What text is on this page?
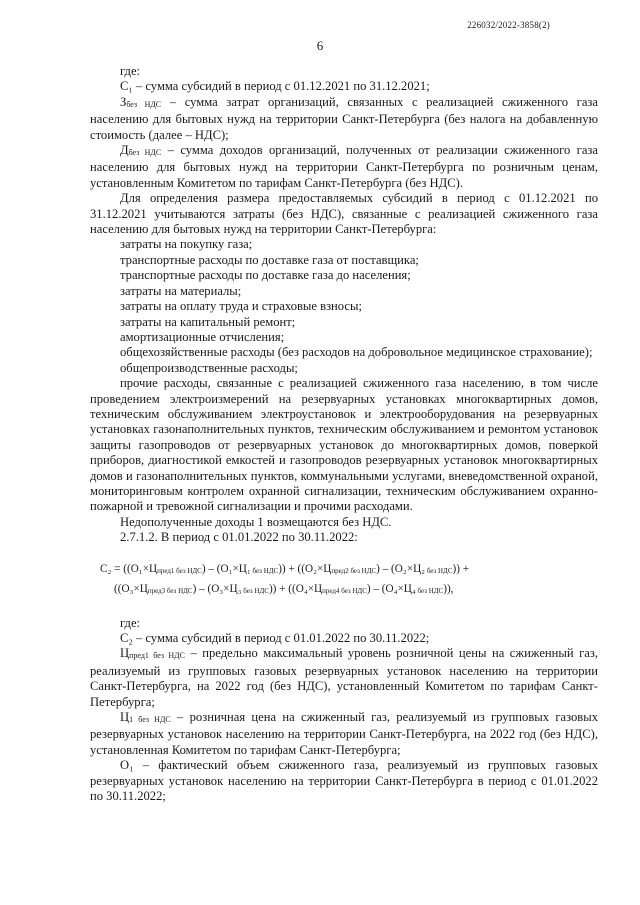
226032/2022-3858(2)
6

где:

С₁ – сумма субсидий в период с 01.12.2021 по 31.12.2021;

Збез НДС – сумма затрат организаций, связанных с реализацией сжиженного газа населению для бытовых нужд на территории Санкт-Петербурга (без налога на добавленную стоимость (далее – НДС);

Дбез НДС – сумма доходов организаций, полученных от реализации сжиженного газа населению для бытовых нужд на территории Санкт-Петербурга по розничным ценам, установленным Комитетом по тарифам Санкт-Петербурга (без НДС).

Для определения размера предоставляемых субсидий в период с 01.12.2021 по 31.12.2021 учитываются затраты (без НДС), связанные с реализацией сжиженного газа населению для бытовых нужд на территории Санкт-Петербурга:

затраты на покупку газа;

транспортные расходы по доставке газа от поставщика;

транспортные расходы по доставке газа до населения;

затраты на материалы;

затраты на оплату труда и страховые взносы;

затраты на капитальный ремонт;

амортизационные отчисления;

общехозяйственные расходы (без расходов на добровольное медицинское страхование);

общепроизводственные расходы;

прочие расходы, связанные с реализацией сжиженного газа населению, в том числе проведением электроизмерений на резервуарных установках многоквартирных домов, техническим обслуживанием электроустановок и электрооборудования на резервуарных установках газонаполнительных пунктов, техническим обслуживанием и ремонтом установок защиты газопроводов от резервуарных установок до многоквартирных домов, поверкой приборов, диагностикой емкостей и газопроводов резервуарных установок многоквартирных домов и газонаполнительных пунктов, коммунальными услугами, вневедомственной охраной, мониторинговым контролем охранной сигнализации, техническим обслуживанием охранно-пожарной и тревожной сигнализации и прочими расходами.

Недополученные доходы 1 возмещаются без НДС.

2.7.1.2. В период с 01.01.2022 по 30.11.2022:

С₂ = ((О₁×Цпред1 без НДС) – (О₁×Ц₁ без НДС)) + ((О₂×Цпред2 без НДС) – (О₂×Ц₂ без НДС)) +
((О₃×Цпред3 без НДС) – (О₃×Ц₃ без НДС)) + ((О₄×Цпред4 без НДС) – (О₄×Ц₄ без НДС)),

где:

С₂ – сумма субсидий в период с 01.01.2022 по 30.11.2022;

Цпред1 без НДС – предельно максимальный уровень розничной цены на сжиженный газ, реализуемый из групповых газовых резервуарных установок населению на территории Санкт-Петербурга, на 2022 год (без НДС), установленный Комитетом по тарифам Санкт-Петербурга;

Ц1 без НДС – розничная цена на сжиженный газ, реализуемый из групповых газовых резервуарных установок населению на территории Санкт-Петербурга, на 2022 год (без НДС), установленная Комитетом по тарифам Санкт-Петербурга;

О₁ – фактический объем сжиженного газа, реализуемый из групповых газовых резервуарных установок населению на территории Санкт-Петербурга в период с 01.01.2022 по 30.11.2022;
